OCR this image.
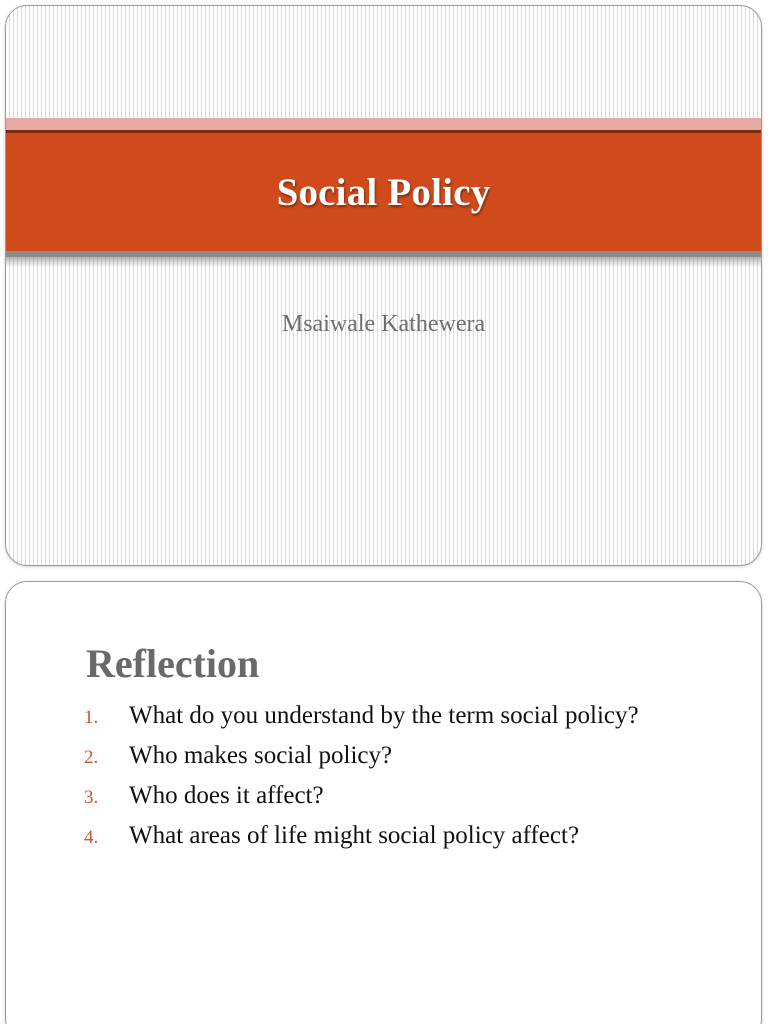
Social Policy
Msaiwale Kathewera
Reflection
1.	What do you understand by the term social policy?
2.	Who makes social policy?
3.	Who does it affect?
4.	What areas of life might social policy affect?
